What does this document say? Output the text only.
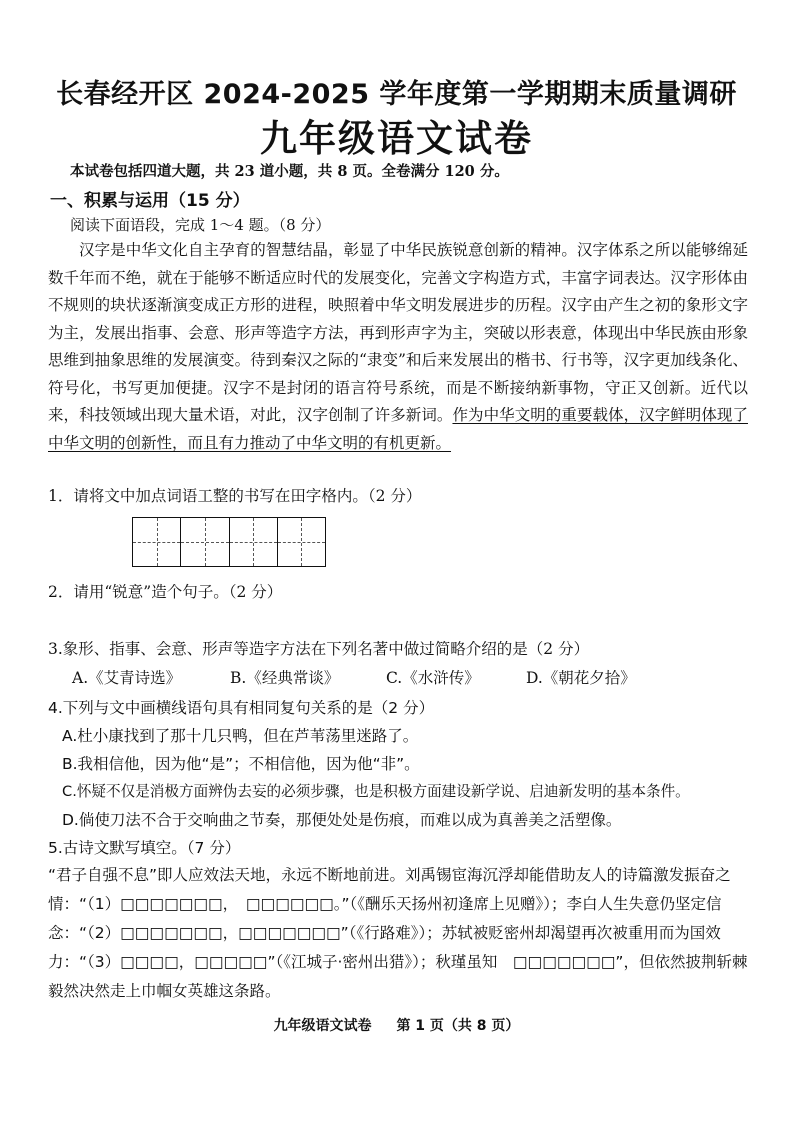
长春经开区 2024-2025 学年度第一学期期末质量调研
九年级语文试卷
本试卷包括四道大题，共 23 道小题，共 8 页。全卷满分 120 分。
一、积累与运用（15 分）
阅读下面语段，完成 1～4 题。（8 分）
汉字是中华文化自主孕育的智慧结晶，彰显了中华民族锐意创新的精神。汉字体系之所以能够绵延数千年而不绝，就在于能够不断适应时代的发展变化，完善文字构造方式，丰富字词表达。汉字形体由不规则的块状逐渐演变成正方形的进程，映照着中华文明发展进步的历程。汉字由产生之初的象形文字为主，发展出指事、会意、形声等造字方法，再到形声字为主，突破以形表意，体现出中华民族由形象思维到抽象思维的发展演变。待到秦汉之际的“隶变”和后来发展出的楷书、行书等，汉字更加线条化、符号化，书写更加便捷。汉字不是封闭的语言符号系统，而是不断接纳新事物，守正又创新。近代以来，科技领域出现大量术语，对此，汉字创制了许多新词。作为中华文明的重要载体，汉字鲜明体现了中华文明的创新性，而且有力推动了中华文明的有机更新。
1．请将文中加点词语工整的书写在田字格内。（2 分）
2．请用“锐意”造个句子。（2 分）
3.象形、指事、会意、形声等造字方法在下列名著中做过简略介绍的是（2 分）
A.《艾青诗选》	B.《经典常谈》	C.《水浒传》	D.《朝花夕拾》
4.下列与文中画横线语句具有相同复句关系的是（2 分）
A.杜小康找到了那十几只鸭，但在芦苇荡里迷路了。
B.我相信他，因为他“是”；不相信他，因为他“非”。
C.怀疑不仅是消极方面辨伪去妄的必须步骤，也是积极方面建设新学说、启迪新发明的基本条件。
D.倘使刀法不合于交响曲之节奏，那便处处是伤痕，而难以成为真善美之活塑像。
5.古诗文默写填空。（7 分）
“君子自强不息”即人应效法天地，永远不断地前进。刘禹锡宦海沉浮却能借助友人的诗篇激发振奋之情：“（1）□□□□□□□，　□□□□□□。”（《酬乐天扬州初逢席上见赠》）；李白人生失意仍坚定信念：“（2）□□□□□□□，□□□□□□□”（《行路难》）；苏轼被贬密州却渴望再次被重用而为国效力：“（3）□□□□，□□□□□”（《江城子·密州出猎》）；秋瑾虽知　□□□□□□□”，但依然披荆斩棘毅然决然走上巾帼女英雄这条路。
九年级语文试卷 第 1 页（共 8 页）
